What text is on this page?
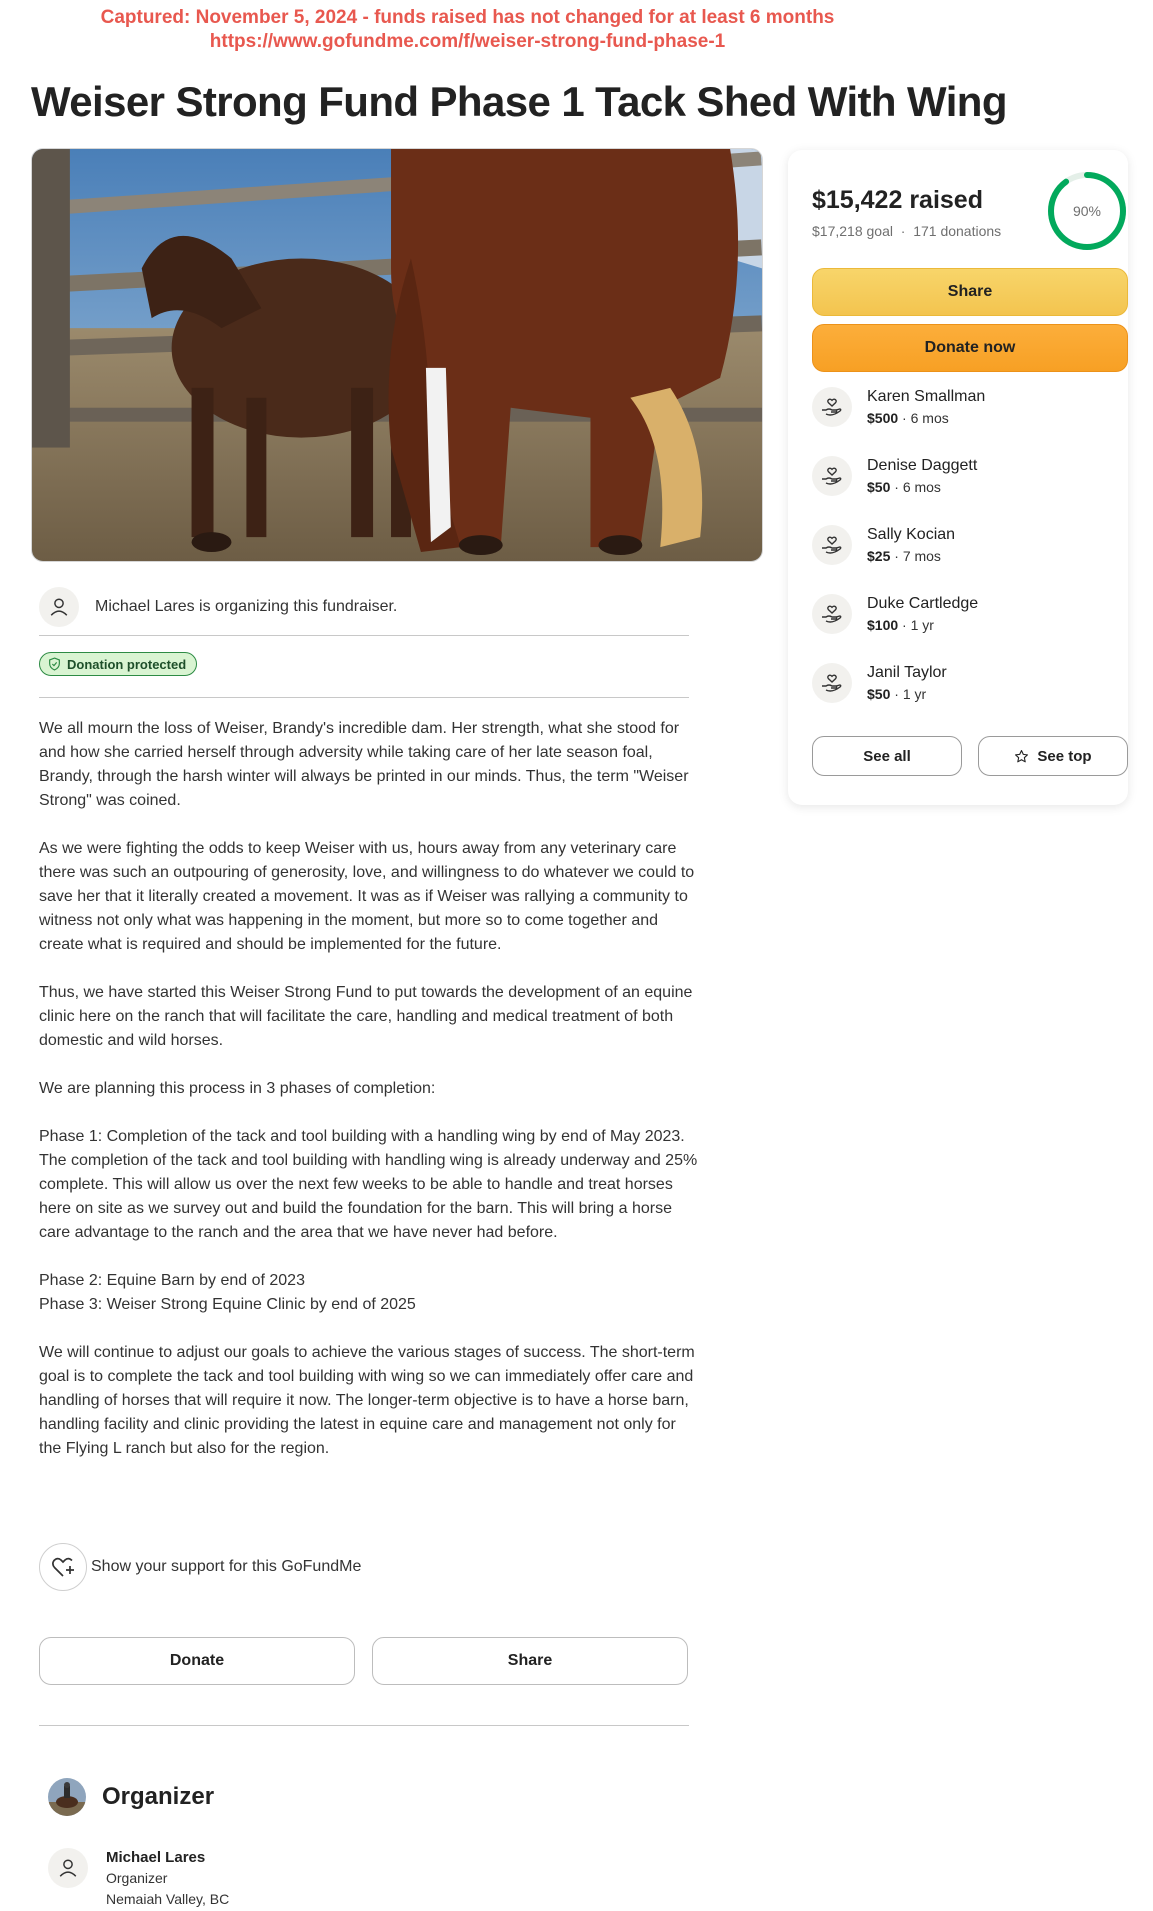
Captured: November 5, 2024 - funds raised has not changed for at least 6 months
https://www.gofundme.com/f/weiser-strong-fund-phase-1
Weiser Strong Fund Phase 1 Tack Shed With Wing
Michael Lares is organizing this fundraiser.
Donation protected

We all mourn the loss of Weiser, Brandy's incredible dam. Her strength, what she stood for and how she carried herself through adversity while taking care of her late season foal, Brandy, through the harsh winter will always be printed in our minds. Thus, the term "Weiser Strong" was coined.

As we were fighting the odds to keep Weiser with us, hours away from any veterinary care there was such an outpouring of generosity, love, and willingness to do whatever we could to save her that it literally created a movement. It was as if Weiser was rallying a community to witness not only what was happening in the moment, but more so to come together and create what is required and should be implemented for the future.

Thus, we have started this Weiser Strong Fund to put towards the development of an equine clinic here on the ranch that will facilitate the care, handling and medical treatment of both domestic and wild horses.

We are planning this process in 3 phases of completion:

Phase 1: Completion of the tack and tool building with a handling wing by end of May 2023. The completion of the tack and tool building with handling wing is already underway and 25% complete. This will allow us over the next few weeks to be able to handle and treat horses here on site as we survey out and build the foundation for the barn. This will bring a horse care advantage to the ranch and the area that we have never had before.

Phase 2: Equine Barn by end of 2023
Phase 3: Weiser Strong Equine Clinic by end of 2025

We will continue to adjust our goals to achieve the various stages of success. The short-term goal is to complete the tack and tool building with wing so we can immediately offer care and handling of horses that will require it now. The longer-term objective is to have a horse barn, handling facility and clinic providing the latest in equine care and management not only for the Flying L ranch but also for the region.

Show your support for this GoFundMe
Donate	Share
Organizer
Michael Lares
Organizer
Nemaiah Valley, BC
$15,422 raised
$17,218 goal  ·  171 donations
90%
Share
Donate now
Karen Smallman
$500 · 6 mos
Denise Daggett
$50 · 6 mos
Sally Kocian
$25 · 7 mos
Duke Cartledge
$100 · 1 yr
Janil Taylor
$50 · 1 yr
See all	See top
